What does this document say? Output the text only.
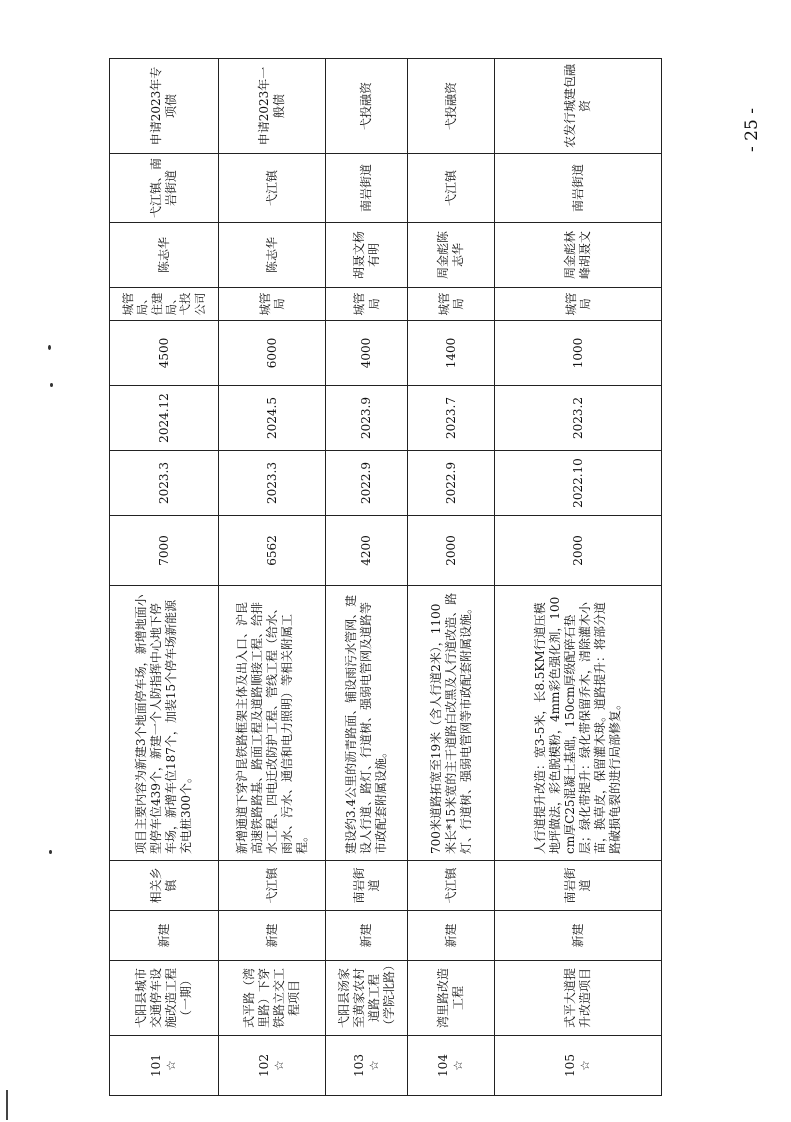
101 ☆	弋阳县城市交通停车设施改造工程（一期）	新建	相关乡镇	项目主要内容为新建3个地面停车场，新增地面小型停车位439个，新建一个人防指挥中心地下停车场，新增车位187个，加装15个停车场新能源充电桩300个。	7000	2023.3	2024.12	4500	城管局、住建局、弋投公司	陈志华	弋江镇、南岩街道	申请2023年专项债
102 ☆	式平路（湾里路）下穿铁路立交工程项目	新建	弋江镇	新增通道下穿沪昆铁路框架主体及出入口、沪昆高速铁路路基、路面工程及道路顺接工程、给排水工程、四电迁改防护工程、管线工程（给水、雨水、污水、通信和电力照明）等相关附属工程。	6562	2023.3	2024.5	6000	城管局	陈志华	弋江镇	申请2023年一般债
103 ☆	弋阳县汤家至黄家农村道路工程（学院北路）	新建	南岩街道	建设约3.4公里的沥青路面、铺设雨污水管网、建设人行道、路灯、行道树、强弱电管网及道路等市政配套附属设施。	4200	2022.9	2023.9	4000	城管局	胡聂文杨有明	南岩街道	弋投融资
104 ☆	湾里路改造工程	新建	弋江镇	700米道路拓宽至19米（含人行道2米），1100米长*15米宽的主干道路白改黑及人行道改造、路灯、行道树、强弱电管网等市政配套附属设施。	2000	2022.9	2023.7	1400	城管局	周金彪陈志华	弋江镇	弋投融资
105 ☆	式平大道提升改造项目	新建	南岩街道	人行道提升改造：宽3-5米，长8.5KM行道压模地坪做法，彩色脱模粉，4mm彩色强化剂，100cm厚C25混凝土基础，150cm厚级配碎石垫层；绿化带提升：绿化带保留乔木，清除灌木小苗，换草皮，保留灌木球。道路提升：将部分道路破损龟裂的进行局部修复。	2000	2022.10	2023.2	1000	城管局	周金彪林峰胡聂文	南岩街道	农发行城建包融资
- 25 -
